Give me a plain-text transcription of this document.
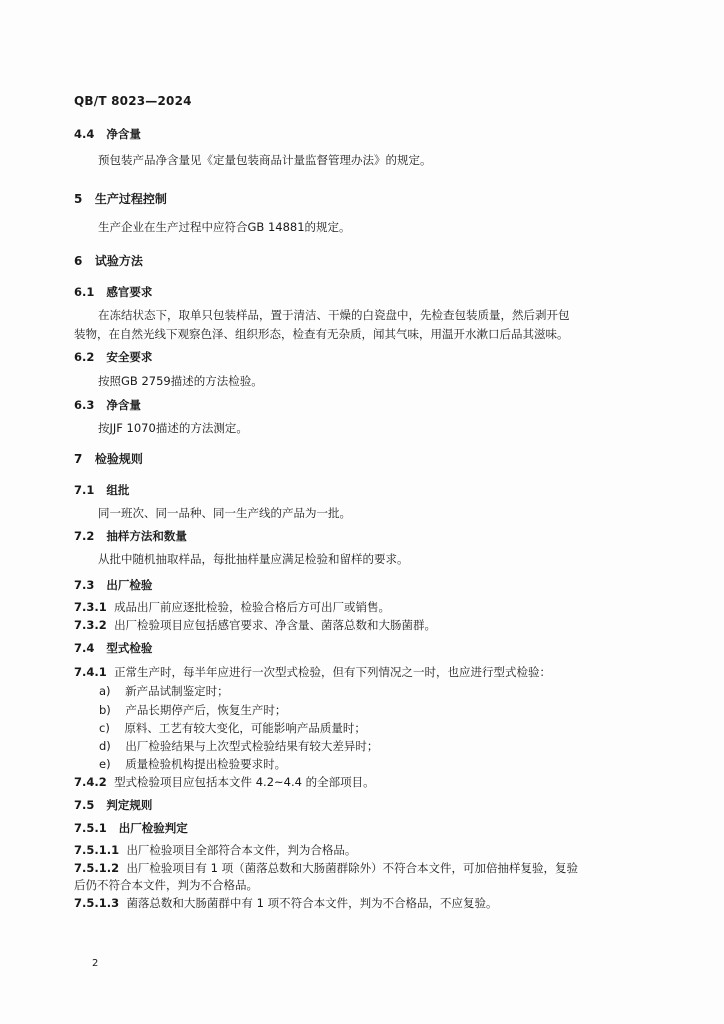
QB/T 8023—2024
4.4 净含量
预包装产品净含量见《定量包装商品计量监督管理办法》的规定。
5 生产过程控制
生产企业在生产过程中应符合GB 14881的规定。
6 试验方法
6.1 感官要求
在冻结状态下，取单只包装样品，置于清洁、干燥的白瓷盘中，先检查包装质量，然后剥开包
装物，在自然光线下观察色泽、组织形态，检查有无杂质，闻其气味，用温开水漱口后品其滋味。
6.2 安全要求
按照GB 2759描述的方法检验。
6.3 净含量
按JJF 1070描述的方法测定。
7 检验规则
7.1 组批
同一班次、同一品种、同一生产线的产品为一批。
7.2 抽样方法和数量
从批中随机抽取样品，每批抽样量应满足检验和留样的要求。
7.3 出厂检验
7.3.1 成品出厂前应逐批检验，检验合格后方可出厂或销售。
7.3.2 出厂检验项目应包括感官要求、净含量、菌落总数和大肠菌群。
7.4 型式检验
7.4.1 正常生产时，每半年应进行一次型式检验，但有下列情况之一时，也应进行型式检验：
a) 新产品试制鉴定时；
b) 产品长期停产后，恢复生产时；
c) 原料、工艺有较大变化，可能影响产品质量时；
d) 出厂检验结果与上次型式检验结果有较大差异时；
e) 质量检验机构提出检验要求时。
7.4.2 型式检验项目应包括本文件 4.2~4.4 的全部项目。
7.5 判定规则
7.5.1 出厂检验判定
7.5.1.1 出厂检验项目全部符合本文件，判为合格品。
7.5.1.2 出厂检验项目有 1 项（菌落总数和大肠菌群除外）不符合本文件，可加倍抽样复验，复验
后仍不符合本文件，判为不合格品。
7.5.1.3 菌落总数和大肠菌群中有 1 项不符合本文件，判为不合格品，不应复验。
2
